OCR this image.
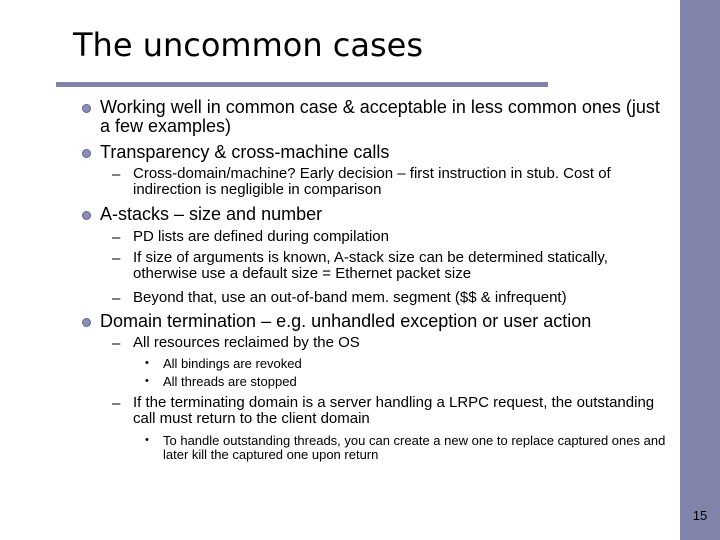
15
The uncommon cases
Working well in common case & acceptable in less common ones (just a few examples)
Transparency & cross-machine calls
– Cross-domain/machine? Early decision – first instruction in stub. Cost of indirection is negligible in comparison
A-stacks – size and number
– PD lists are defined during compilation
– If size of arguments is known, A-stack size can be determined statically, otherwise use a default size = Ethernet packet size
– Beyond that, use an out-of-band mem. segment ($$ & infrequent)
Domain termination – e.g. unhandled exception or user action
– All resources reclaimed by the OS
• All bindings are revoked
• All threads are stopped
– If the terminating domain is a server handling a LRPC request, the outstanding call must return to the client domain
• To handle outstanding threads, you can create a new one to replace captured ones and later kill the captured one upon return
